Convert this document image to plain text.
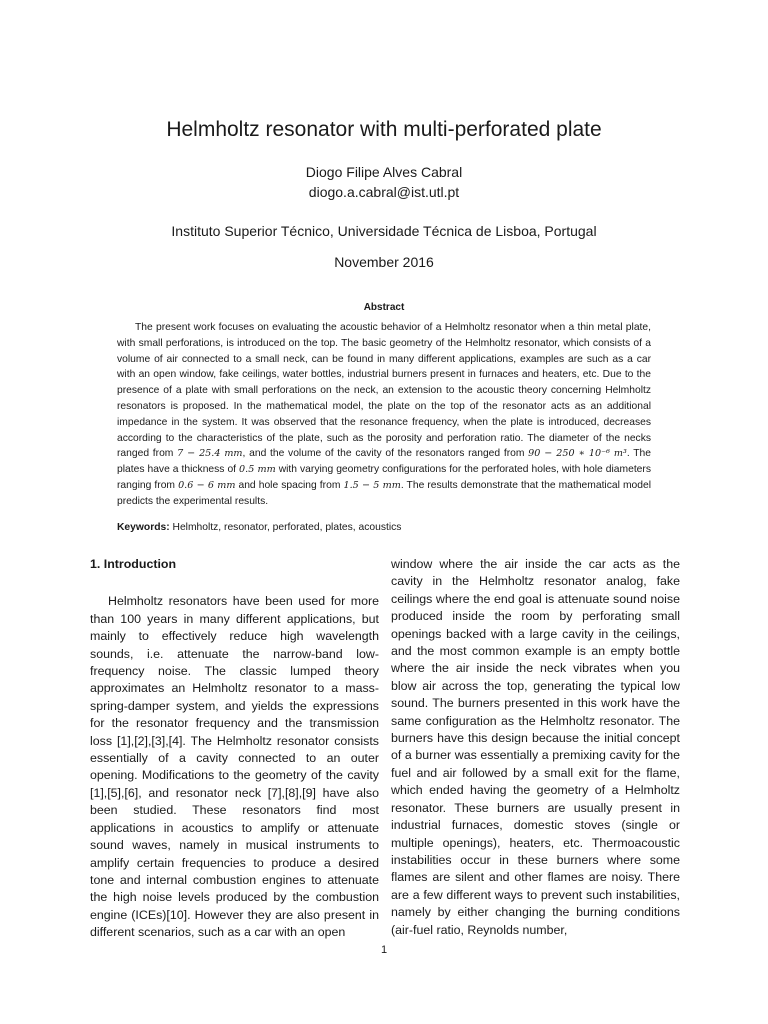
Helmholtz resonator with multi-perforated plate
Diogo Filipe Alves Cabral
diogo.a.cabral@ist.utl.pt
Instituto Superior Técnico, Universidade Técnica de Lisboa, Portugal
November 2016
Abstract

The present work focuses on evaluating the acoustic behavior of a Helmholtz resonator when a thin metal plate, with small perforations, is introduced on the top. The basic geometry of the Helmholtz resonator, which consists of a volume of air connected to a small neck, can be found in many different applications, examples are such as a car with an open window, fake ceilings, water bottles, industrial burners present in furnaces and heaters, etc. Due to the presence of a plate with small perforations on the neck, an extension to the acoustic theory concerning Helmholtz resonators is proposed. In the mathematical model, the plate on the top of the resonator acts as an additional impedance in the system. It was observed that the resonance frequency, when the plate is introduced, decreases according to the characteristics of the plate, such as the porosity and perforation ratio. The diameter of the necks ranged from 7 − 25.4 mm, and the volume of the cavity of the resonators ranged from 90 − 250 ∗ 10⁻⁶ m³. The plates have a thickness of 0.5 mm with varying geometry configurations for the perforated holes, with hole diameters ranging from 0.6 − 6 mm and hole spacing from 1.5 − 5 mm. The results demonstrate that the mathematical model predicts the experimental results.

Keywords: Helmholtz, resonator, perforated, plates, acoustics
1. Introduction

Helmholtz resonators have been used for more than 100 years in many different applications, but mainly to effectively reduce high wavelength sounds, i.e. attenuate the narrow-band low-frequency noise. The classic lumped theory approximates an Helmholtz resonator to a mass-spring-damper system, and yields the expressions for the resonator frequency and the transmission loss [1],[2],[3],[4]. The Helmholtz resonator consists essentially of a cavity connected to an outer opening. Modifications to the geometry of the cavity [1],[5],[6], and resonator neck [7],[8],[9] have also been studied. These resonators find most applications in acoustics to amplify or attenuate sound waves, namely in musical instruments to amplify certain frequencies to produce a desired tone and internal combustion engines to attenuate the high noise levels produced by the combustion engine (ICEs)[10]. However they are also present in different scenarios, such as a car with an open

window where the air inside the car acts as the cavity in the Helmholtz resonator analog, fake ceilings where the end goal is attenuate sound noise produced inside the room by perforating small openings backed with a large cavity in the ceilings, and the most common example is an empty bottle where the air inside the neck vibrates when you blow air across the top, generating the typical low sound. The burners presented in this work have the same configuration as the Helmholtz resonator. The burners have this design because the initial concept of a burner was essentially a premixing cavity for the fuel and air followed by a small exit for the flame, which ended having the geometry of a Helmholtz resonator. These burners are usually present in industrial furnaces, domestic stoves (single or multiple openings), heaters, etc. Thermoacoustic instabilities occur in these burners where some flames are silent and other flames are noisy. There are a few different ways to prevent such instabilities, namely by either changing the burning conditions (air-fuel ratio, Reynolds number,

1
